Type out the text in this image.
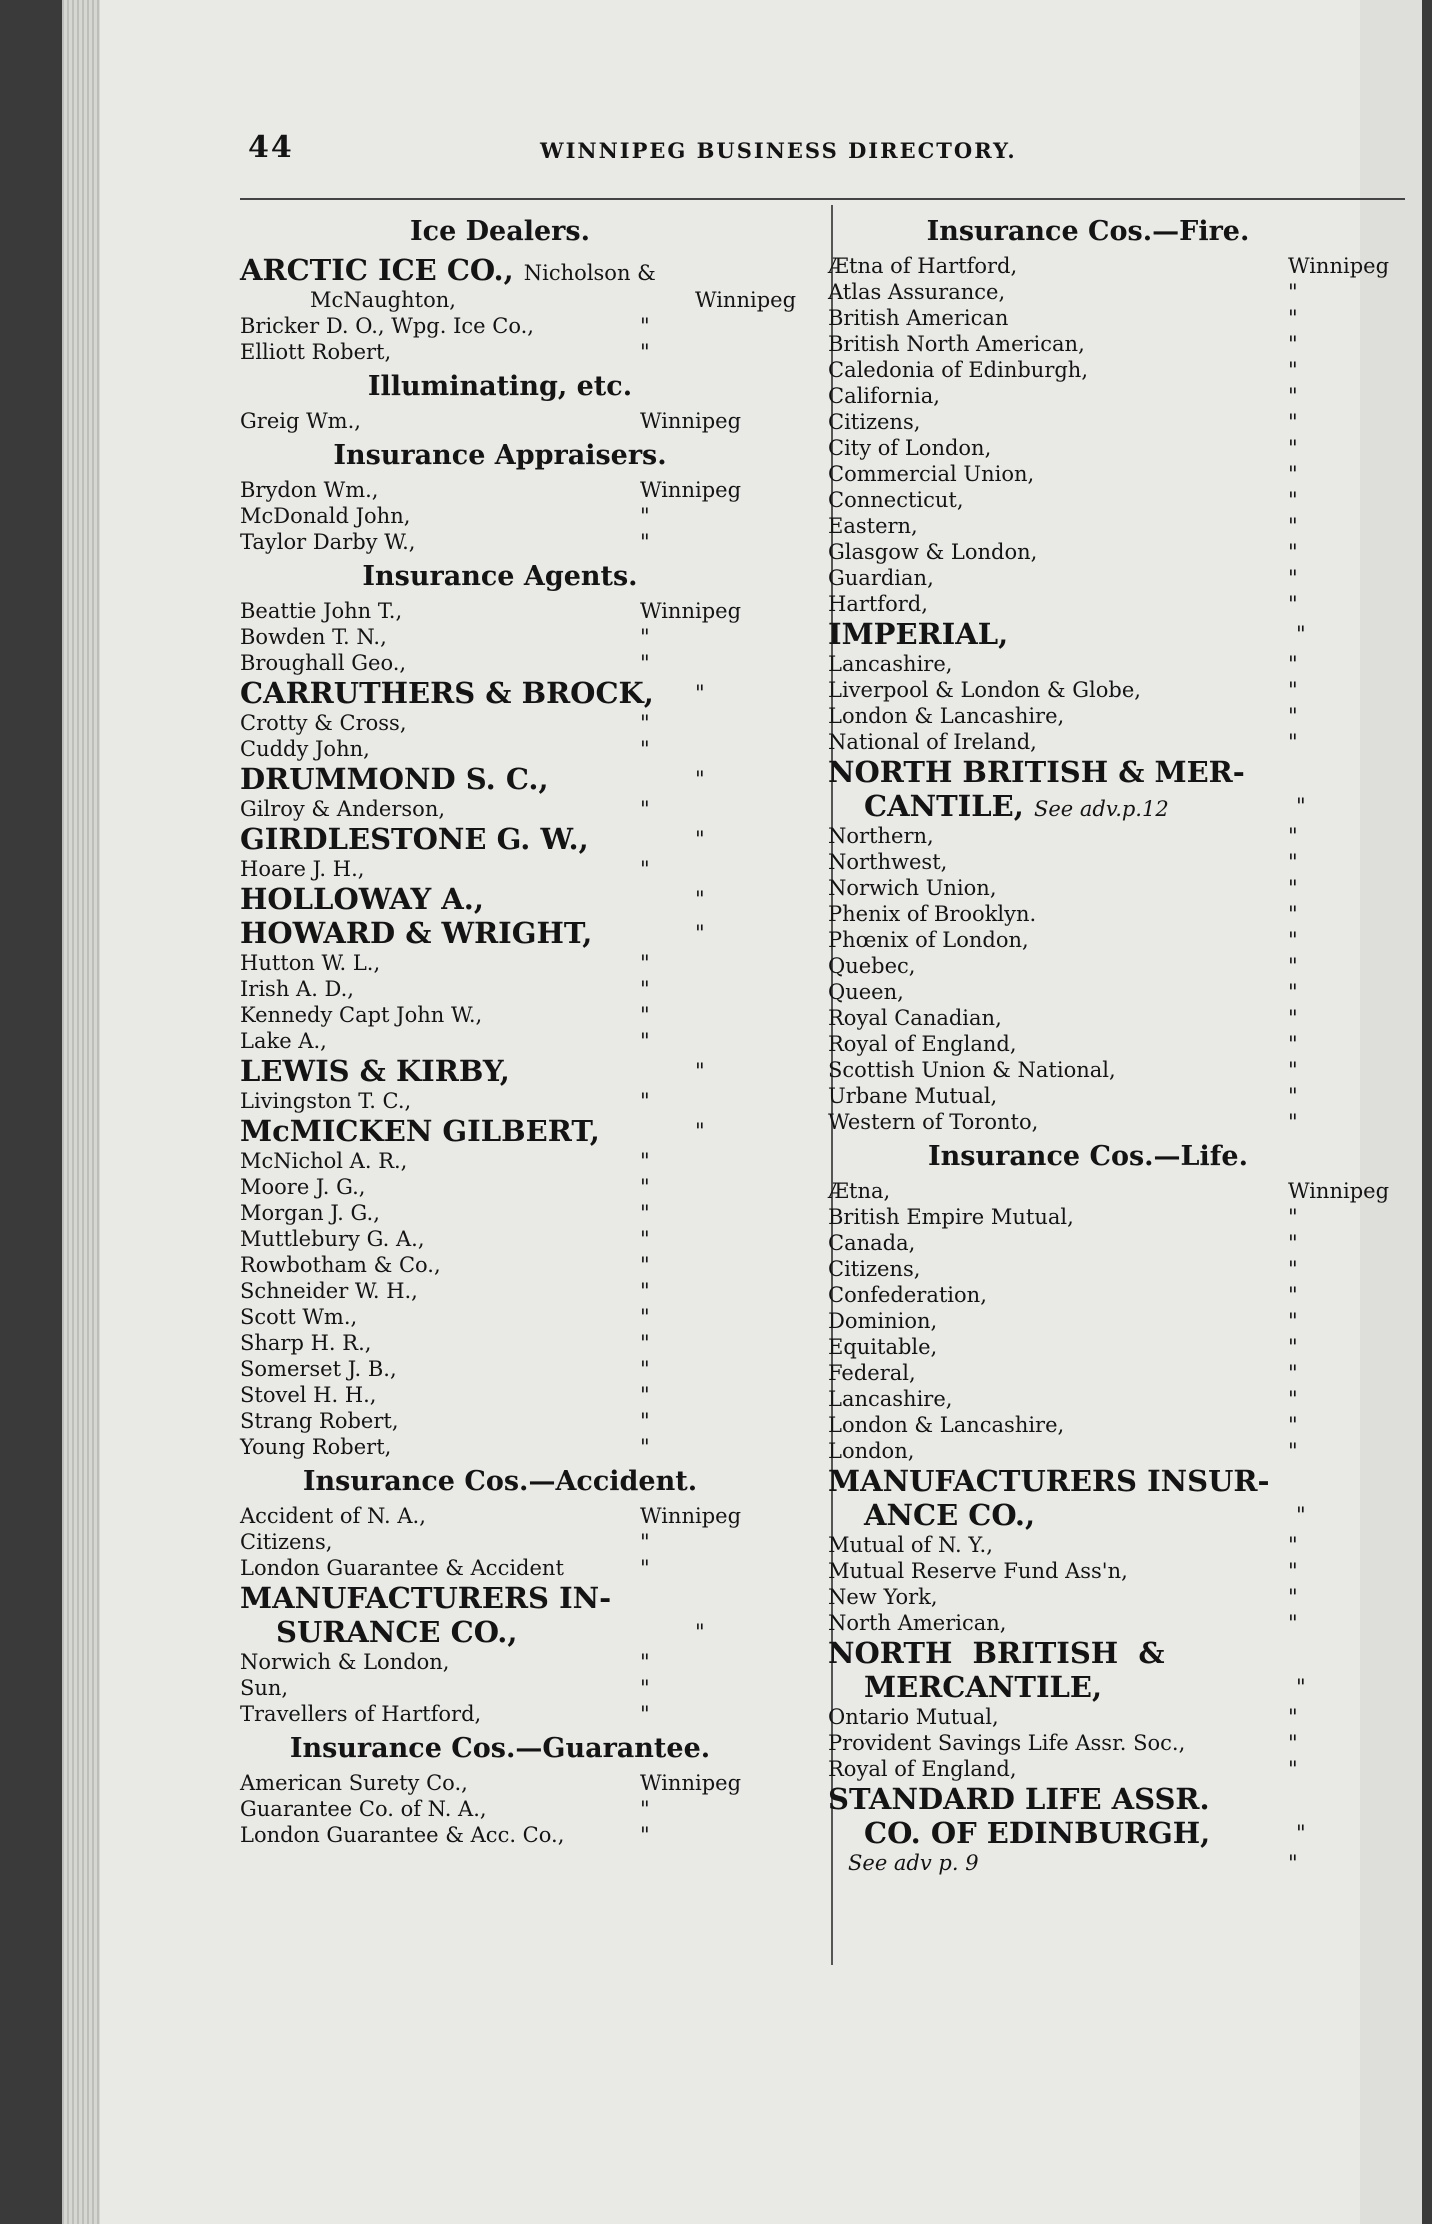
44	WINNIPEG BUSINESS DIRECTORY.
Ice Dealers.
ARCTIC ICE CO., Nicholson &
McNaughton,	Winnipeg
Bricker D. O., Wpg. Ice Co.,	"
Elliott Robert,	"
Illuminating, etc.
Greig Wm.,	Winnipeg
Insurance Appraisers.
Brydon Wm.,	Winnipeg
McDonald John,	"
Taylor Darby W.,	"
Insurance Agents.
Beattie John T.,	Winnipeg
Bowden T. N.,	"
Broughall Geo.,	"
CARRUTHERS & BROCK, "
Crotty & Cross,	"
Cuddy John,	"
DRUMMOND S. C.,	"
Gilroy & Anderson,	"
GIRDLESTONE G. W.,	"
Hoare J. H.,	"
HOLLOWAY A.,	"
HOWARD & WRIGHT,	"
Hutton W. L.,	"
Irish A. D.,	"
Kennedy Capt John W.,	"
Lake A.,	"
LEWIS & KIRBY,	"
Livingston T. C.,	"
McMICKEN GILBERT,	"
McNichol A. R.,	"
Moore J. G.,	"
Morgan J. G.,	"
Muttlebury G. A.,	"
Rowbotham & Co.,	"
Schneider W. H.,	"
Scott Wm.,	"
Sharp H. R.,	"
Somerset J. B.,	"
Stovel H. H.,	"
Strang Robert,	"
Young Robert,	"
Insurance Cos.—Accident.
Accident of N. A.,	Winnipeg
Citizens,	"
London Guarantee & Accident	"
MANUFACTURERS IN-
SURANCE CO.,	"
Norwich & London,	"
Sun,	"
Travellers of Hartford,	"
Insurance Cos.—Guarantee.
American Surety Co.,	Winnipeg
Guarantee Co. of N. A.,	"
London Guarantee & Acc. Co.,	"
Insurance Cos.—Fire.
Ætna of Hartford,	Winnipeg
Atlas Assurance,	"
British American	"
British North American,	"
Caledonia of Edinburgh,	"
California,	"
Citizens,	"
City of London,	"
Commercial Union,	"
Connecticut,	"
Eastern,	"
Glasgow & London,	"
Guardian,	"
Hartford,	"
IMPERIAL,	"
Lancashire,	"
Liverpool & London & Globe,	"
London & Lancashire,	"
National of Ireland,	"
NORTH BRITISH & MER-
CANTILE, See adv.p.12	"
Northern,	"
Northwest,	"
Norwich Union,	"
Phenix of Brooklyn.	"
Phœnix of London,	"
Quebec,	"
Queen,	"
Royal Canadian,	"
Royal of England,	"
Scottish Union & National,	"
Urbane Mutual,	"
Western of Toronto,	"
Insurance Cos.—Life.
Ætna,	Winnipeg
British Empire Mutual,	"
Canada,	"
Citizens,	"
Confederation,	"
Dominion,	"
Equitable,	"
Federal,	"
Lancashire,	"
London & Lancashire,	"
London,	"
MANUFACTURERS INSUR-
ANCE CO.,	"
Mutual of N. Y.,	"
Mutual Reserve Fund Ass'n,	"
New York,	"
North American,	"
NORTH  BRITISH  &
MERCANTILE,	"
Ontario Mutual,	"
Provident Savings Life Assr. Soc.,	"
Royal of England,	"
STANDARD LIFE ASSR.
CO. OF EDINBURGH,	"
See adv p. 9	"
